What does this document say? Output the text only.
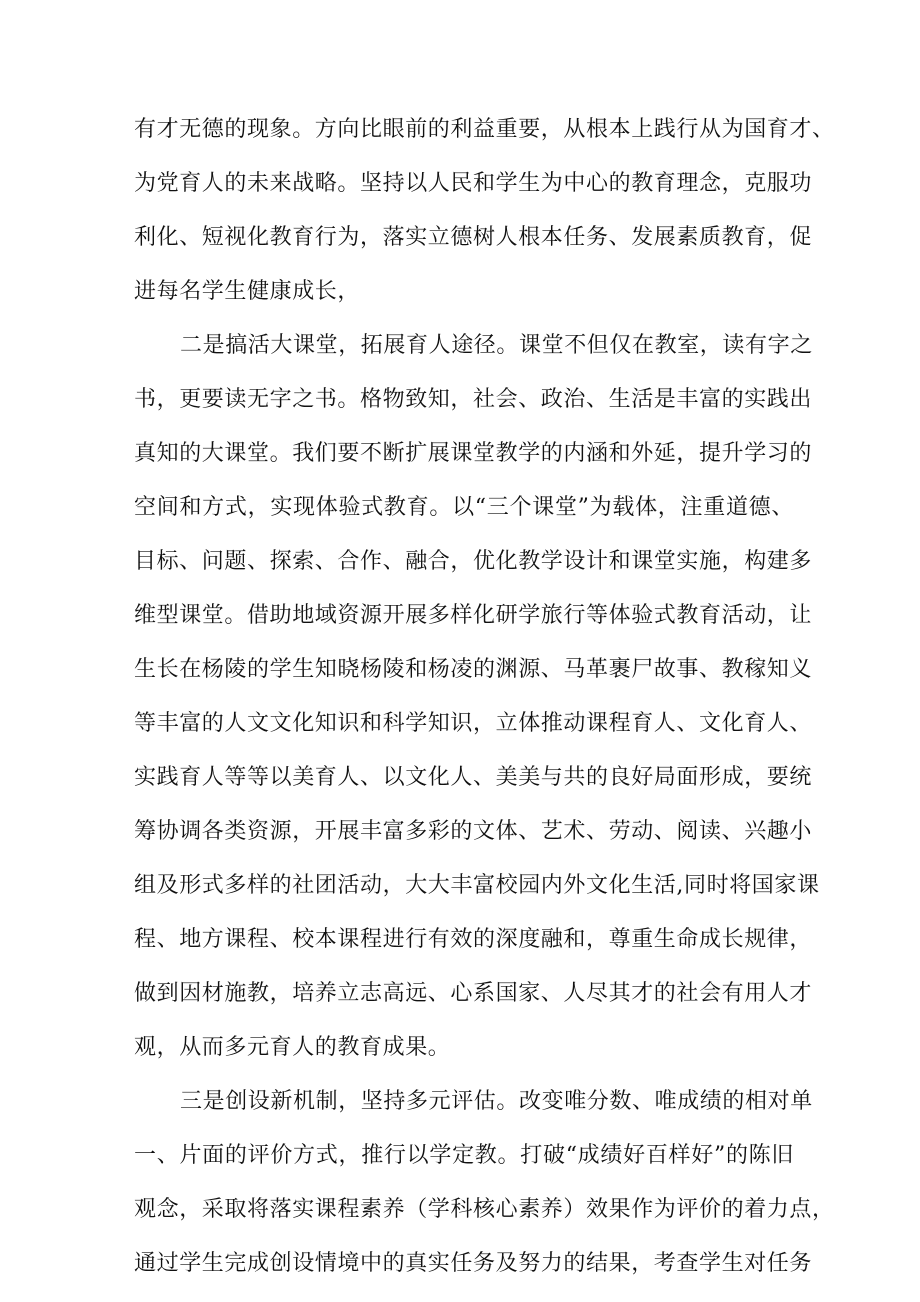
有才无德的现象。方向比眼前的利益重要，从根本上践行从为国育才、
为党育人的未来战略。坚持以人民和学生为中心的教育理念，克服功
利化、短视化教育行为，落实立德树人根本任务、发展素质教育，促
进每名学生健康成长，
二是搞活大课堂，拓展育人途径。课堂不但仅在教室，读有字之
书，更要读无字之书。格物致知，社会、政治、生活是丰富的实践出
真知的大课堂。我们要不断扩展课堂教学的内涵和外延，提升学习的
空间和方式，实现体验式教育。以“三个课堂”为载体，注重道德、
目标、问题、探索、合作、融合，优化教学设计和课堂实施，构建多
维型课堂。借助地域资源开展多样化研学旅行等体验式教育活动，让
生长在杨陵的学生知晓杨陵和杨凌的渊源、马革裹尸故事、教稼知义
等丰富的人文文化知识和科学知识，立体推动课程育人、文化育人、
实践育人等等以美育人、以文化人、美美与共的良好局面形成，要统
筹协调各类资源，开展丰富多彩的文体、艺术、劳动、阅读、兴趣小
组及形式多样的社团活动，大大丰富校园内外文化生活,同时将国家课
程、地方课程、校本课程进行有效的深度融和，尊重生命成长规律，
做到因材施教，培养立志高远、心系国家、人尽其才的社会有用人才
观，从而多元育人的教育成果。
三是创设新机制，坚持多元评估。改变唯分数、唯成绩的相对单
一、片面的评价方式，推行以学定教。打破“成绩好百样好”的陈旧
观念，采取将落实课程素养（学科核心素养）效果作为评价的着力点，
通过学生完成创设情境中的真实任务及努力的结果，考查学生对任务
